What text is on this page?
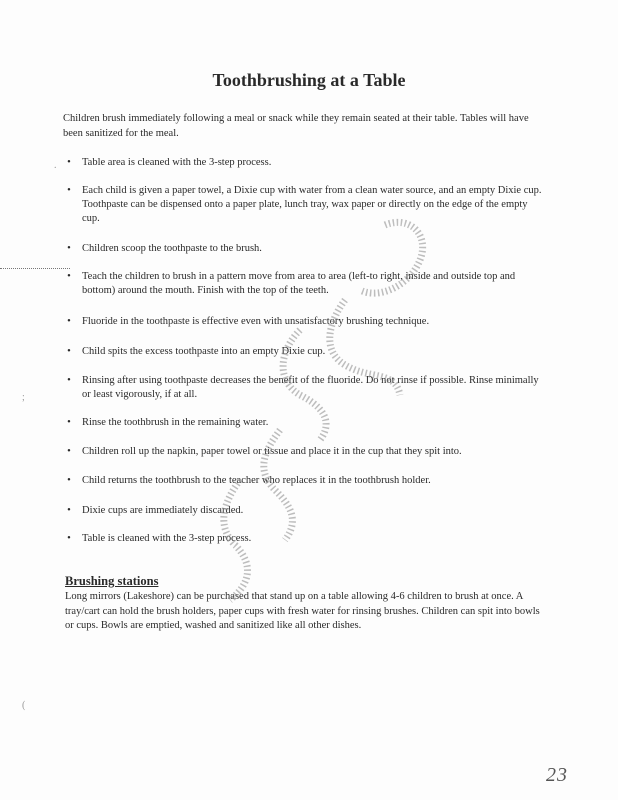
Toothbrushing at a Table

Children brush immediately following a meal or snack while they remain seated at their table. Tables will have been sanitized for the meal.

•	Table area is cleaned with the 3-step process.
•	Each child is given a paper towel, a Dixie cup with water from a clean water source, and an empty Dixie cup. Toothpaste can be dispensed onto a paper plate, lunch tray, wax paper or directly on the edge of the empty cup.
•	Children scoop the toothpaste to the brush.
•	Teach the children to brush in a pattern move from area to area (left-to right, inside and outside top and bottom) around the mouth. Finish with the top of the teeth.
•	Fluoride in the toothpaste is effective even with unsatisfactory brushing technique.
•	Child spits the excess toothpaste into an empty Dixie cup.
•	Rinsing after using toothpaste decreases the benefit of the fluoride. Do not rinse if possible. Rinse minimally or least vigorously, if at all.
•	Rinse the toothbrush in the remaining water.
•	Children roll up the napkin, paper towel or tissue and place it in the cup that they spit into.
•	Child returns the toothbrush to the teacher who replaces it in the toothbrush holder.
•	Dixie cups are immediately discarded.
•	Table is cleaned with the 3-step process.
Brushing stations

Long mirrors (Lakeshore) can be purchased that stand up on a table allowing 4-6 children to brush at once. A tray/cart can hold the brush holders, paper cups with fresh water for rinsing brushes. Children can spit into bowls or cups. Bowls are emptied, washed and sanitized like all other dishes.

.
;
(
23
